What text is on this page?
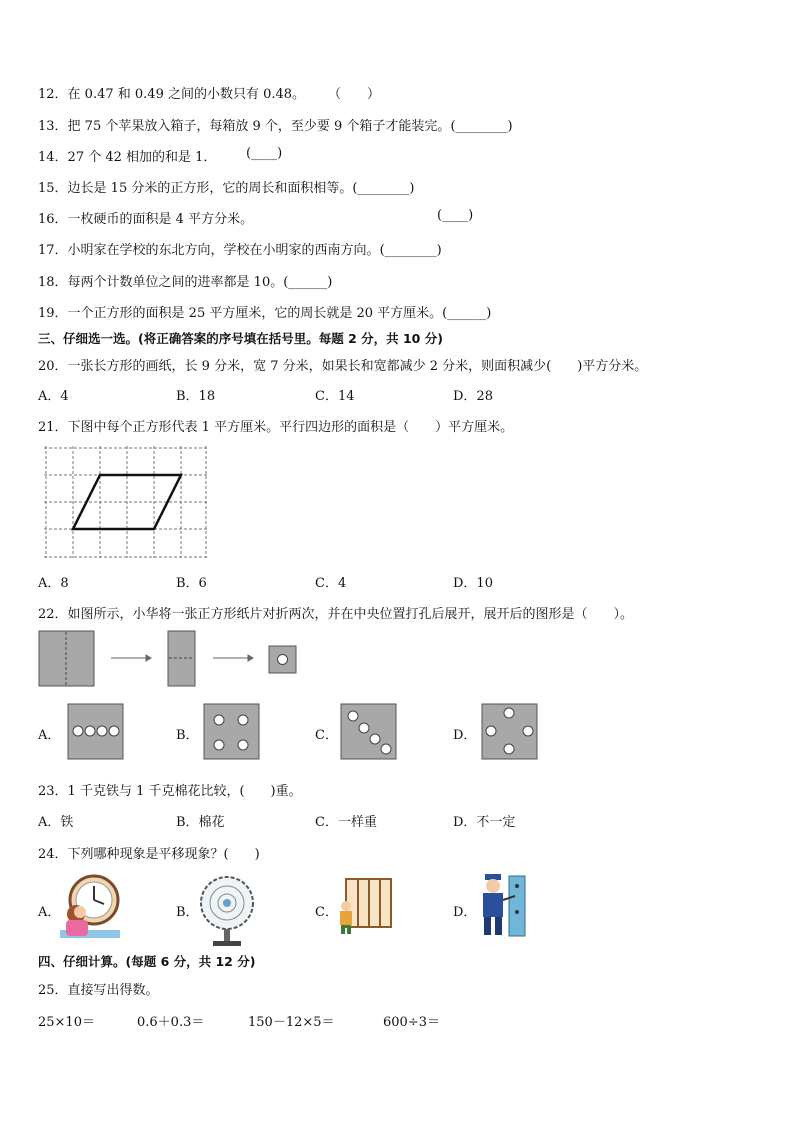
12．在 0.47 和 0.49 之间的小数只有 0.48。 （　　）
13．把 75 个苹果放入箱子，每箱放 9 个，至少要 9 个箱子才能装完。(________)
14．27 个 42 相加的和是 1． (____)
15．边长是 15 分米的正方形，它的周长和面积相等。(________)
16．一枚硬币的面积是 4 平方分米。	(____)
17．小明家在学校的东北方向，学校在小明家的西南方向。(________)
18．每两个计数单位之间的进率都是 10。(______)
19．一个正方形的面积是 25 平方厘米，它的周长就是 20 平方厘米。(______)
三、仔细选一选。(将正确答案的序号填在括号里。每题 2 分，共 10 分)
20．一张长方形的画纸，长 9 分米，宽 7 分米，如果长和宽都减少 2 分米，则面积减少(　　)平方分米。
A．4	B．18	C．14	D．28
21．下图中每个正方形代表 1 平方厘米。平行四边形的面积是（　　）平方厘米。
A．8	B．6	C．4	D．10
22．如图所示，小华将一张正方形纸片对折两次，并在中央位置打孔后展开，展开后的图形是（　　）。
A．	B．	C．	D．
23．1 千克铁与 1 千克棉花比较，(　　)重。
A．铁	B．棉花	C．一样重	D．不一定
24．下列哪种现象是平移现象？(　　)
A．	B．	C．	D．
四、仔细计算。(每题 6 分，共 12 分)
25．直接写出得数。
25×10＝	0.6＋0.3＝	150－12×5＝	600÷3＝
